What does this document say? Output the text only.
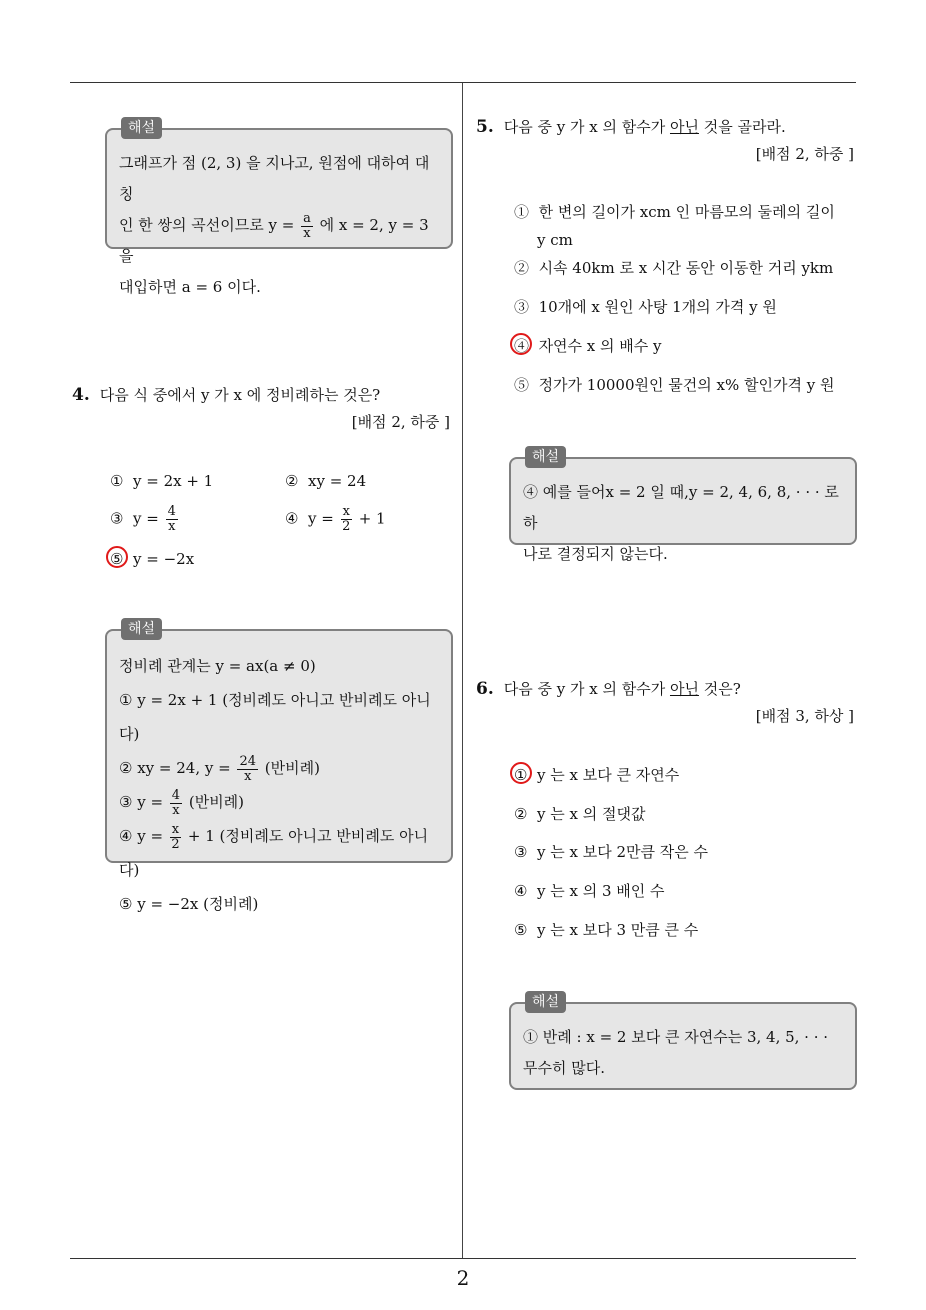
2
해설

그래프가 점 (2, 3) 을 지나고, 원점에 대하여 대칭

인 한 쌍의 곡선이므로 $y = \frac{a}{x}$ 에 x = 2, y = 3 을

대입하면 a = 6 이다.

4. 다음 식 중에서 y 가 x 에 정비례하는 것은?
[배점 2, 하중 ]
① y = 2x + 1	② xy = 24
③ $y = \frac{4}{x}$	④ $y = \frac{x}{2} + 1$
⑤ y = −2x
해설

정비례 관계는 y = ax(a ≠ 0)

① y = 2x + 1 (정비례도 아니고 반비례도 아니다)

② xy = 24, $y = \frac{24}{x}$ (반비례)

③ $y = \frac{4}{x}$ (반비례)

④ $y = \frac{x}{2} + 1$ (정비례도 아니고 반비례도 아니다)

⑤ y = −2x (정비례)

5. 다음 중 y 가 x 의 함수가 아닌 것을 골라라.
[배점 2, 하중 ]
① 한 변의 길이가 xcm 인 마름모의 둘레의 길이
y cm
② 시속 40km 로 x 시간 동안 이동한 거리 ykm
③ 10개에 x 원인 사탕 1개의 가격 y 원
④ 자연수 x 의 배수 y
⑤ 정가가 10000원인 물건의 x% 할인가격 y 원
해설

④ 예를 들어x = 2 일 때,y = 2, 4, 6, 8, · · · 로 하

나로 결정되지 않는다.

6. 다음 중 y 가 x 의 함수가 아닌 것은?
[배점 3, 하상 ]
① y 는 x 보다 큰 자연수
② y 는 x 의 절댓값
③ y 는 x 보다 2만큼 작은 수
④ y 는 x 의 3 배인 수
⑤ y 는 x 보다 3 만큼 큰 수
해설

① 반례 : x = 2 보다 큰 자연수는 3, 4, 5, · · ·

무수히 많다.
